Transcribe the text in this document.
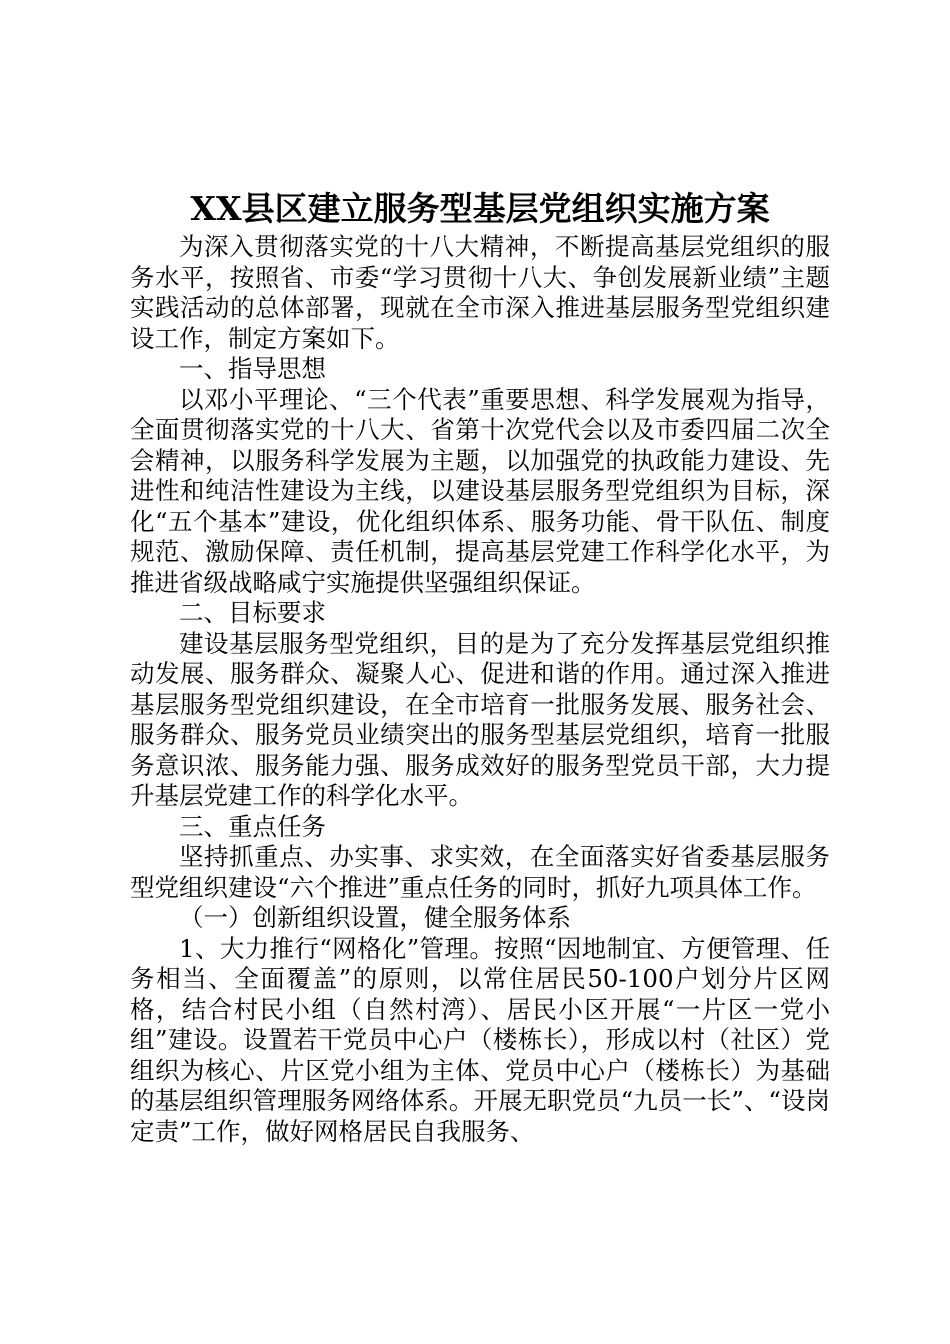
XX县区建立服务型基层党组织实施方案

为深入贯彻落实党的十八大精神，不断提高基层党组织的服务水平，按照省、市委“学习贯彻十八大、争创发展新业绩”主题实践活动的总体部署，现就在全市深入推进基层服务型党组织建设工作，制定方案如下。

一、指导思想

以邓小平理论、“三个代表”重要思想、科学发展观为指导，全面贯彻落实党的十八大、省第十次党代会以及市委四届二次全会精神，以服务科学发展为主题，以加强党的执政能力建设、先进性和纯洁性建设为主线，以建设基层服务型党组织为目标，深化“五个基本”建设，优化组织体系、服务功能、骨干队伍、制度规范、激励保障、责任机制，提高基层党建工作科学化水平，为推进省级战略咸宁实施提供坚强组织保证。

二、目标要求

建设基层服务型党组织，目的是为了充分发挥基层党组织推动发展、服务群众、凝聚人心、促进和谐的作用。通过深入推进基层服务型党组织建设，在全市培育一批服务发展、服务社会、服务群众、服务党员业绩突出的服务型基层党组织，培育一批服务意识浓、服务能力强、服务成效好的服务型党员干部，大力提升基层党建工作的科学化水平。

三、重点任务

坚持抓重点、办实事、求实效，在全面落实好省委基层服务型党组织建设“六个推进”重点任务的同时，抓好九项具体工作。

（一）创新组织设置，健全服务体系

1、大力推行“网格化”管理。按照“因地制宜、方便管理、任务相当、全面覆盖”的原则，以常住居民50-100户划分片区网格，结合村民小组（自然村湾）、居民小区开展“一片区一党小组”建设。设置若干党员中心户（楼栋长），形成以村（社区）党组织为核心、片区党小组为主体、党员中心户（楼栋长）为基础的基层组织管理服务网络体系。开展无职党员“九员一长”、“设岗定责”工作，做好网格居民自我服务、
